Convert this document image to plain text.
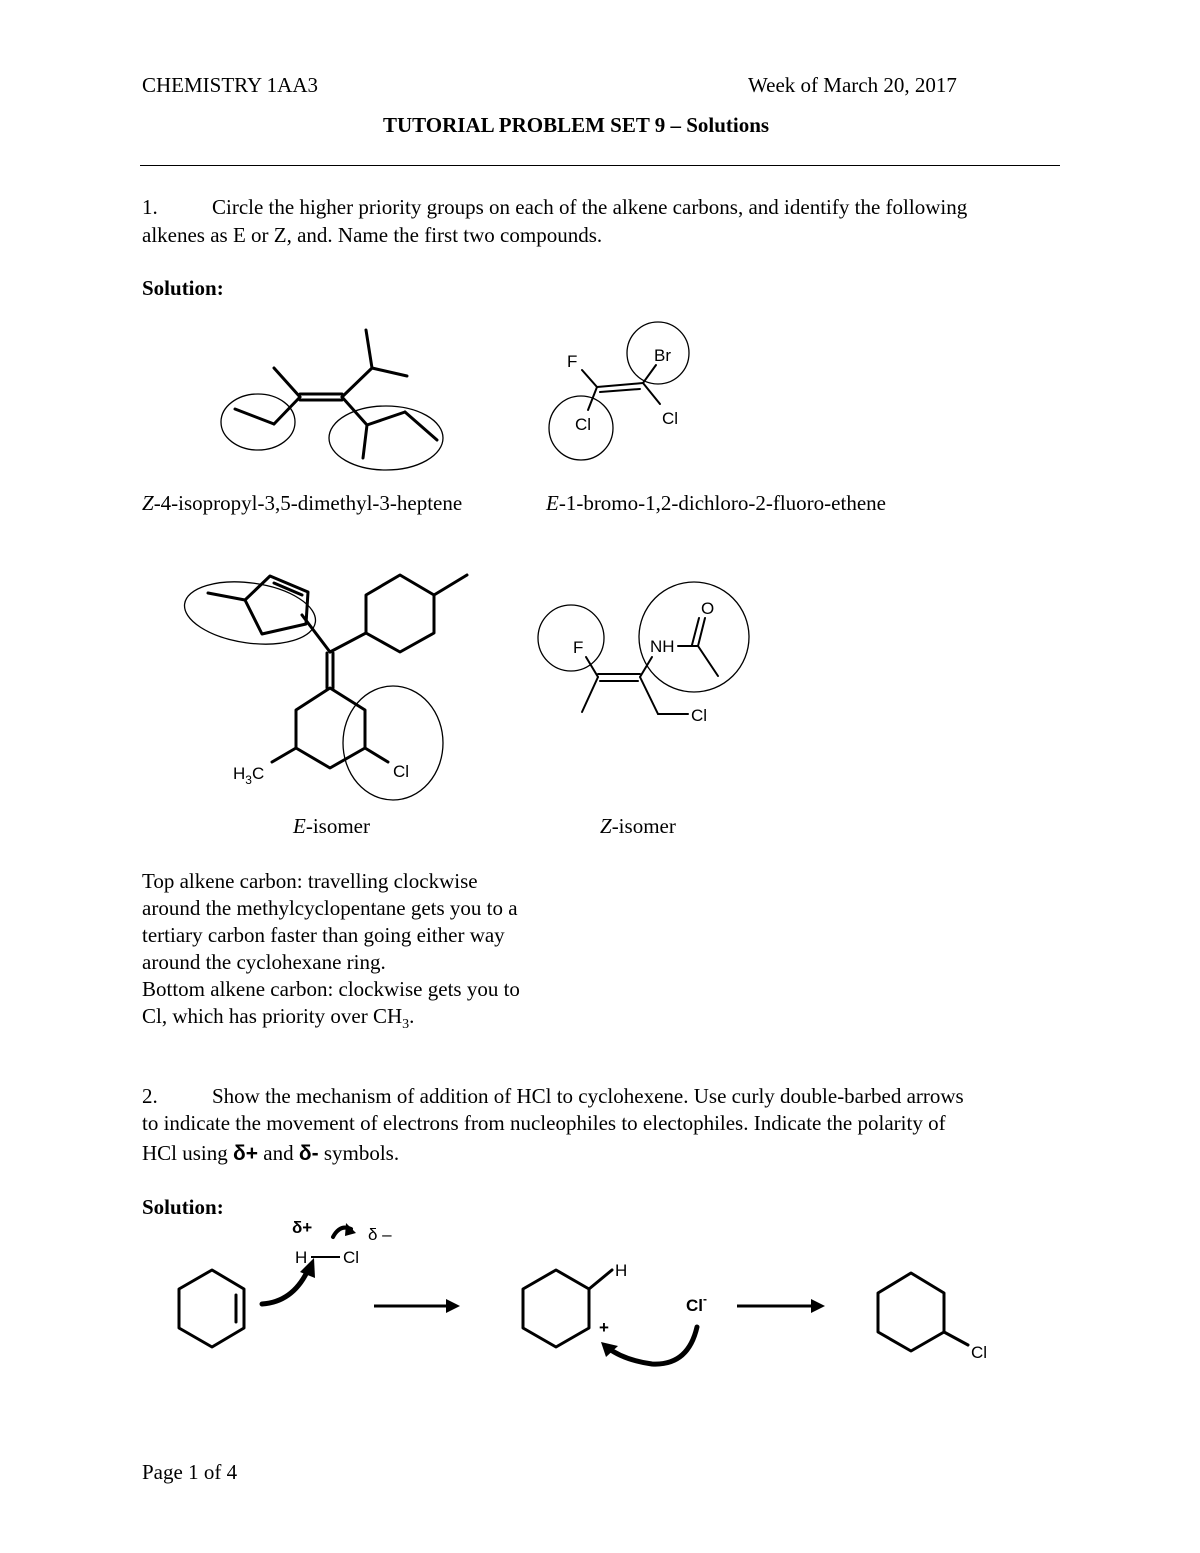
CHEMISTRY 1AA3	Week of March 20, 2017
TUTORIAL PROBLEM SET 9 – Solutions
1.	Circle the higher priority groups on each of the alkene carbons, and identify the following
alkenes as E or Z, and. Name the first two compounds.
Solution:
Z-4-isopropyl-3,5-dimethyl-3-heptene	E-1-bromo-1,2-dichloro-2-fluoro-ethene
E-isomer	Z-isomer
Top alkene carbon: travelling clockwise
around the methylcyclopentane gets you to a
tertiary carbon faster than going either way
around the cyclohexane ring.
Bottom alkene carbon: clockwise gets you to
Cl, which has priority over $CH_3$.
2.	Show the mechanism of addition of HCl to cyclohexene. Use curly double-barbed arrows
to indicate the movement of electrons from nucleophiles to electophiles. Indicate the polarity of
HCl using δ+ and δ- symbols.
Solution:
Page 1 of 4
F	Br
Cl	Cl
$H_3C$	Cl
F	NH
O
Cl
δ+	δ –
H Cl
H
+
Cl-
Cl
